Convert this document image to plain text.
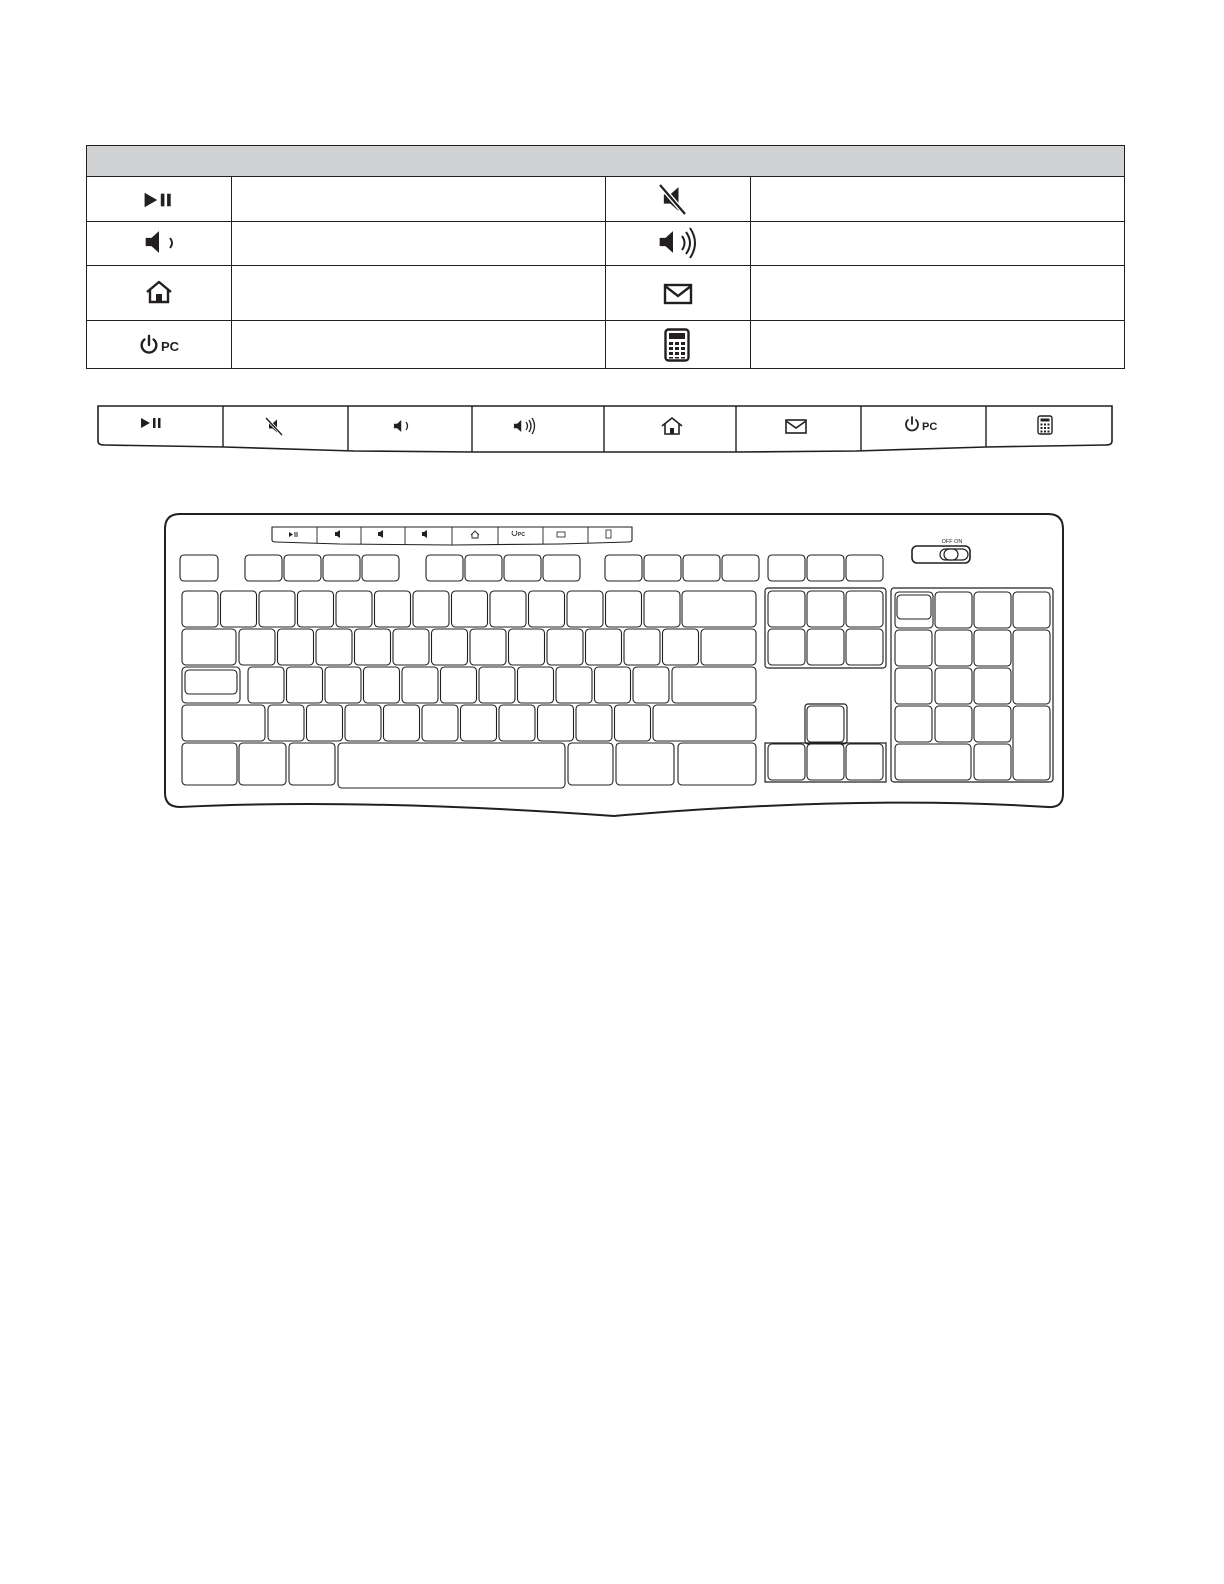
PC
PC
PC
OFF ON
